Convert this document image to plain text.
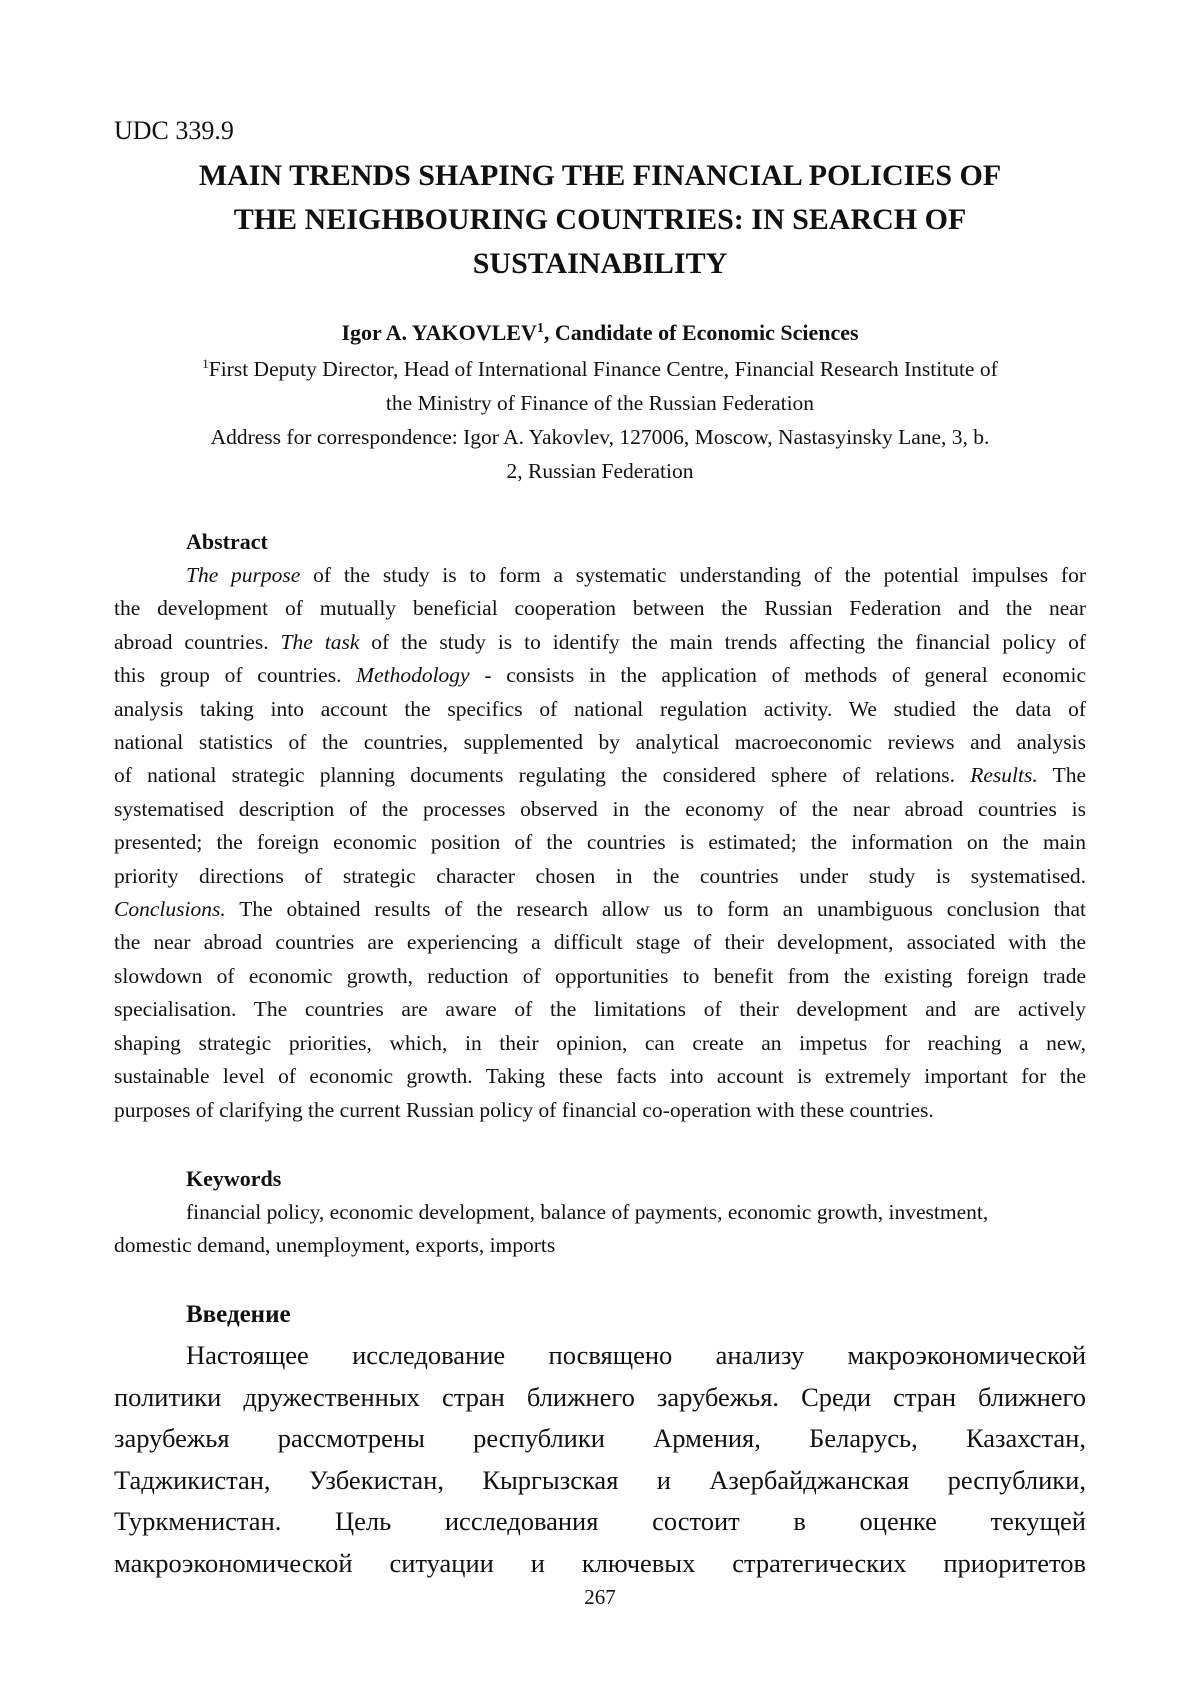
UDC 339.9

MAIN TRENDS SHAPING THE FINANCIAL POLICIES OF
THE NEIGHBOURING COUNTRIES: IN SEARCH OF
SUSTAINABILITY

Igor A. YAKOVLEV$^1$, Candidate of Economic Sciences

$^1$First Deputy Director, Head of International Finance Centre, Financial Research Institute of
the Ministry of Finance of the Russian Federation
Address for correspondence: Igor A. Yakovlev, 127006, Moscow, Nastasyinsky Lane, 3, b.
2, Russian Federation
Abstract
The purpose of the study is to form a systematic understanding of the potential impulses for
the development of mutually beneficial cooperation between the Russian Federation and the near
abroad countries. The task of the study is to identify the main trends affecting the financial policy of
this group of countries. Methodology - consists in the application of methods of general economic
analysis taking into account the specifics of national regulation activity. We studied the data of
national statistics of the countries, supplemented by analytical macroeconomic reviews and analysis
of national strategic planning documents regulating the considered sphere of relations. Results. The
systematised description of the processes observed in the economy of the near abroad countries is
presented; the foreign economic position of the countries is estimated; the information on the main
priority directions of strategic character chosen in the countries under study is systematised.
Conclusions. The obtained results of the research allow us to form an unambiguous conclusion that
the near abroad countries are experiencing a difficult stage of their development, associated with the
slowdown of economic growth, reduction of opportunities to benefit from the existing foreign trade
specialisation. The countries are aware of the limitations of their development and are actively
shaping strategic priorities, which, in their opinion, can create an impetus for reaching a new,
sustainable level of economic growth. Taking these facts into account is extremely important for the
purposes of clarifying the current Russian policy of financial co-operation with these countries.
Keywords
financial policy, economic development, balance of payments, economic growth, investment,
domestic demand, unemployment, exports, imports
Введение
Настоящее исследование посвящено анализу макроэкономической
политики дружественных стран ближнего зарубежья. Среди стран ближнего
зарубежья рассмотрены республики Армения, Беларусь, Казахстан,
Таджикистан, Узбекистан, Кыргызская и Азербайджанская республики,
Туркменистан. Цель исследования состоит в оценке текущей
макроэкономической ситуации и ключевых стратегических приоритетов

267
